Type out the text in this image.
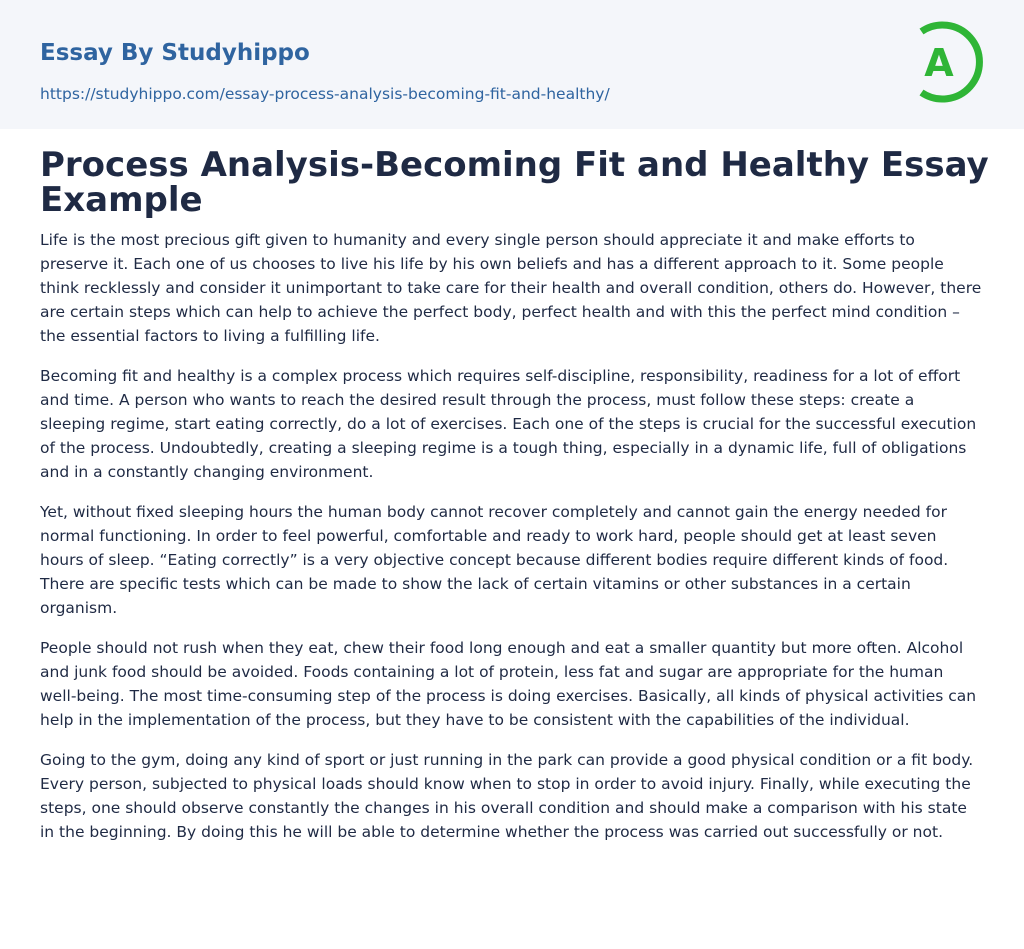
Essay By Studyhippo
https://studyhippo.com/essay-process-analysis-becoming-fit-and-healthy/
A
Process Analysis-Becoming Fit and Healthy Essay Example

Life is the most precious gift given to humanity and every single person should appreciate it and make efforts to preserve it. Each one of us chooses to live his life by his own beliefs and has a different approach to it. Some people think recklessly and consider it unimportant to take care for their health and overall condition, others do. However, there are certain steps which can help to achieve the perfect body, perfect health and with this the perfect mind condition – the essential factors to living a fulfilling life.

Becoming fit and healthy is a complex process which requires self-discipline, responsibility, readiness for a lot of effort and time. A person who wants to reach the desired result through the process, must follow these steps: create a sleeping regime, start eating correctly, do a lot of exercises. Each one of the steps is crucial for the successful execution of the process. Undoubtedly, creating a sleeping regime is a tough thing, especially in a dynamic life, full of obligations and in a constantly changing environment.

Yet, without fixed sleeping hours the human body cannot recover completely and cannot gain the energy needed for normal functioning. In order to feel powerful, comfortable and ready to work hard, people should get at least seven hours of sleep. “Eating correctly” is a very objective concept because different bodies require different kinds of food. There are specific tests which can be made to show the lack of certain vitamins or other substances in a certain organism.

People should not rush when they eat, chew their food long enough and eat a smaller quantity but more often. Alcohol and junk food should be avoided. Foods containing a lot of protein, less fat and sugar are appropriate for the human well-being. The most time-consuming step of the process is doing exercises. Basically, all kinds of physical activities can help in the implementation of the process, but they have to be consistent with the capabilities of the individual.

Going to the gym, doing any kind of sport or just running in the park can provide a good physical condition or a fit body. Every person, subjected to physical loads should know when to stop in order to avoid injury. Finally, while executing the steps, one should observe constantly the changes in his overall condition and should make a comparison with his state in the beginning. By doing this he will be able to determine whether the process was carried out successfully or not.
